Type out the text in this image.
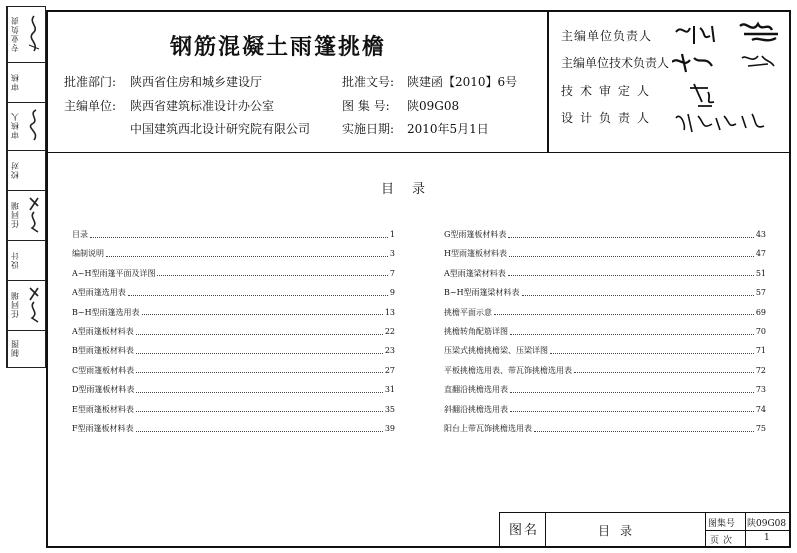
专业负责
审核
审核人
校对
任同瑞
设计
任同瑞
制图
钢筋混凝土雨篷挑檐
批准部门: 陕西省住房和城乡建设厅
主编单位: 陕西省建筑标准设计办公室
中国建筑西北设计研究院有限公司
批准文号: 陕建函【2010】6号
图 集 号: 陕09G08
实施日期: 2010年5月1日
主编单位负责人
主编单位技术负责人
技术审定人
设计负责人
目录
目录	1
编制说明	3
A~H型雨篷平面及详图	7
A型雨篷选用表	9
B~H型雨篷选用表	13
A型雨篷板材料表	22
B型雨篷板材料表	23
C型雨篷板材料表	27
D型雨篷板材料表	31
E型雨篷板材料表	35
F型雨篷板材料表	39
G型雨篷板材料表	43
H型雨篷板材料表	47
A型雨篷梁材料表	51
B~H型雨篷梁材料表	57
挑檐平面示意	69
挑檐转角配筋详图	70
压梁式挑檐挑檐梁、压梁详图	71
平板挑檐选用表、带瓦饰挑檐选用表	72
直翻沿挑檐选用表	73
斜翻沿挑檐选用表	74
阳台上带瓦饰挑檐选用表	75
图名	目录	图集号 陕09G08
页次	1
